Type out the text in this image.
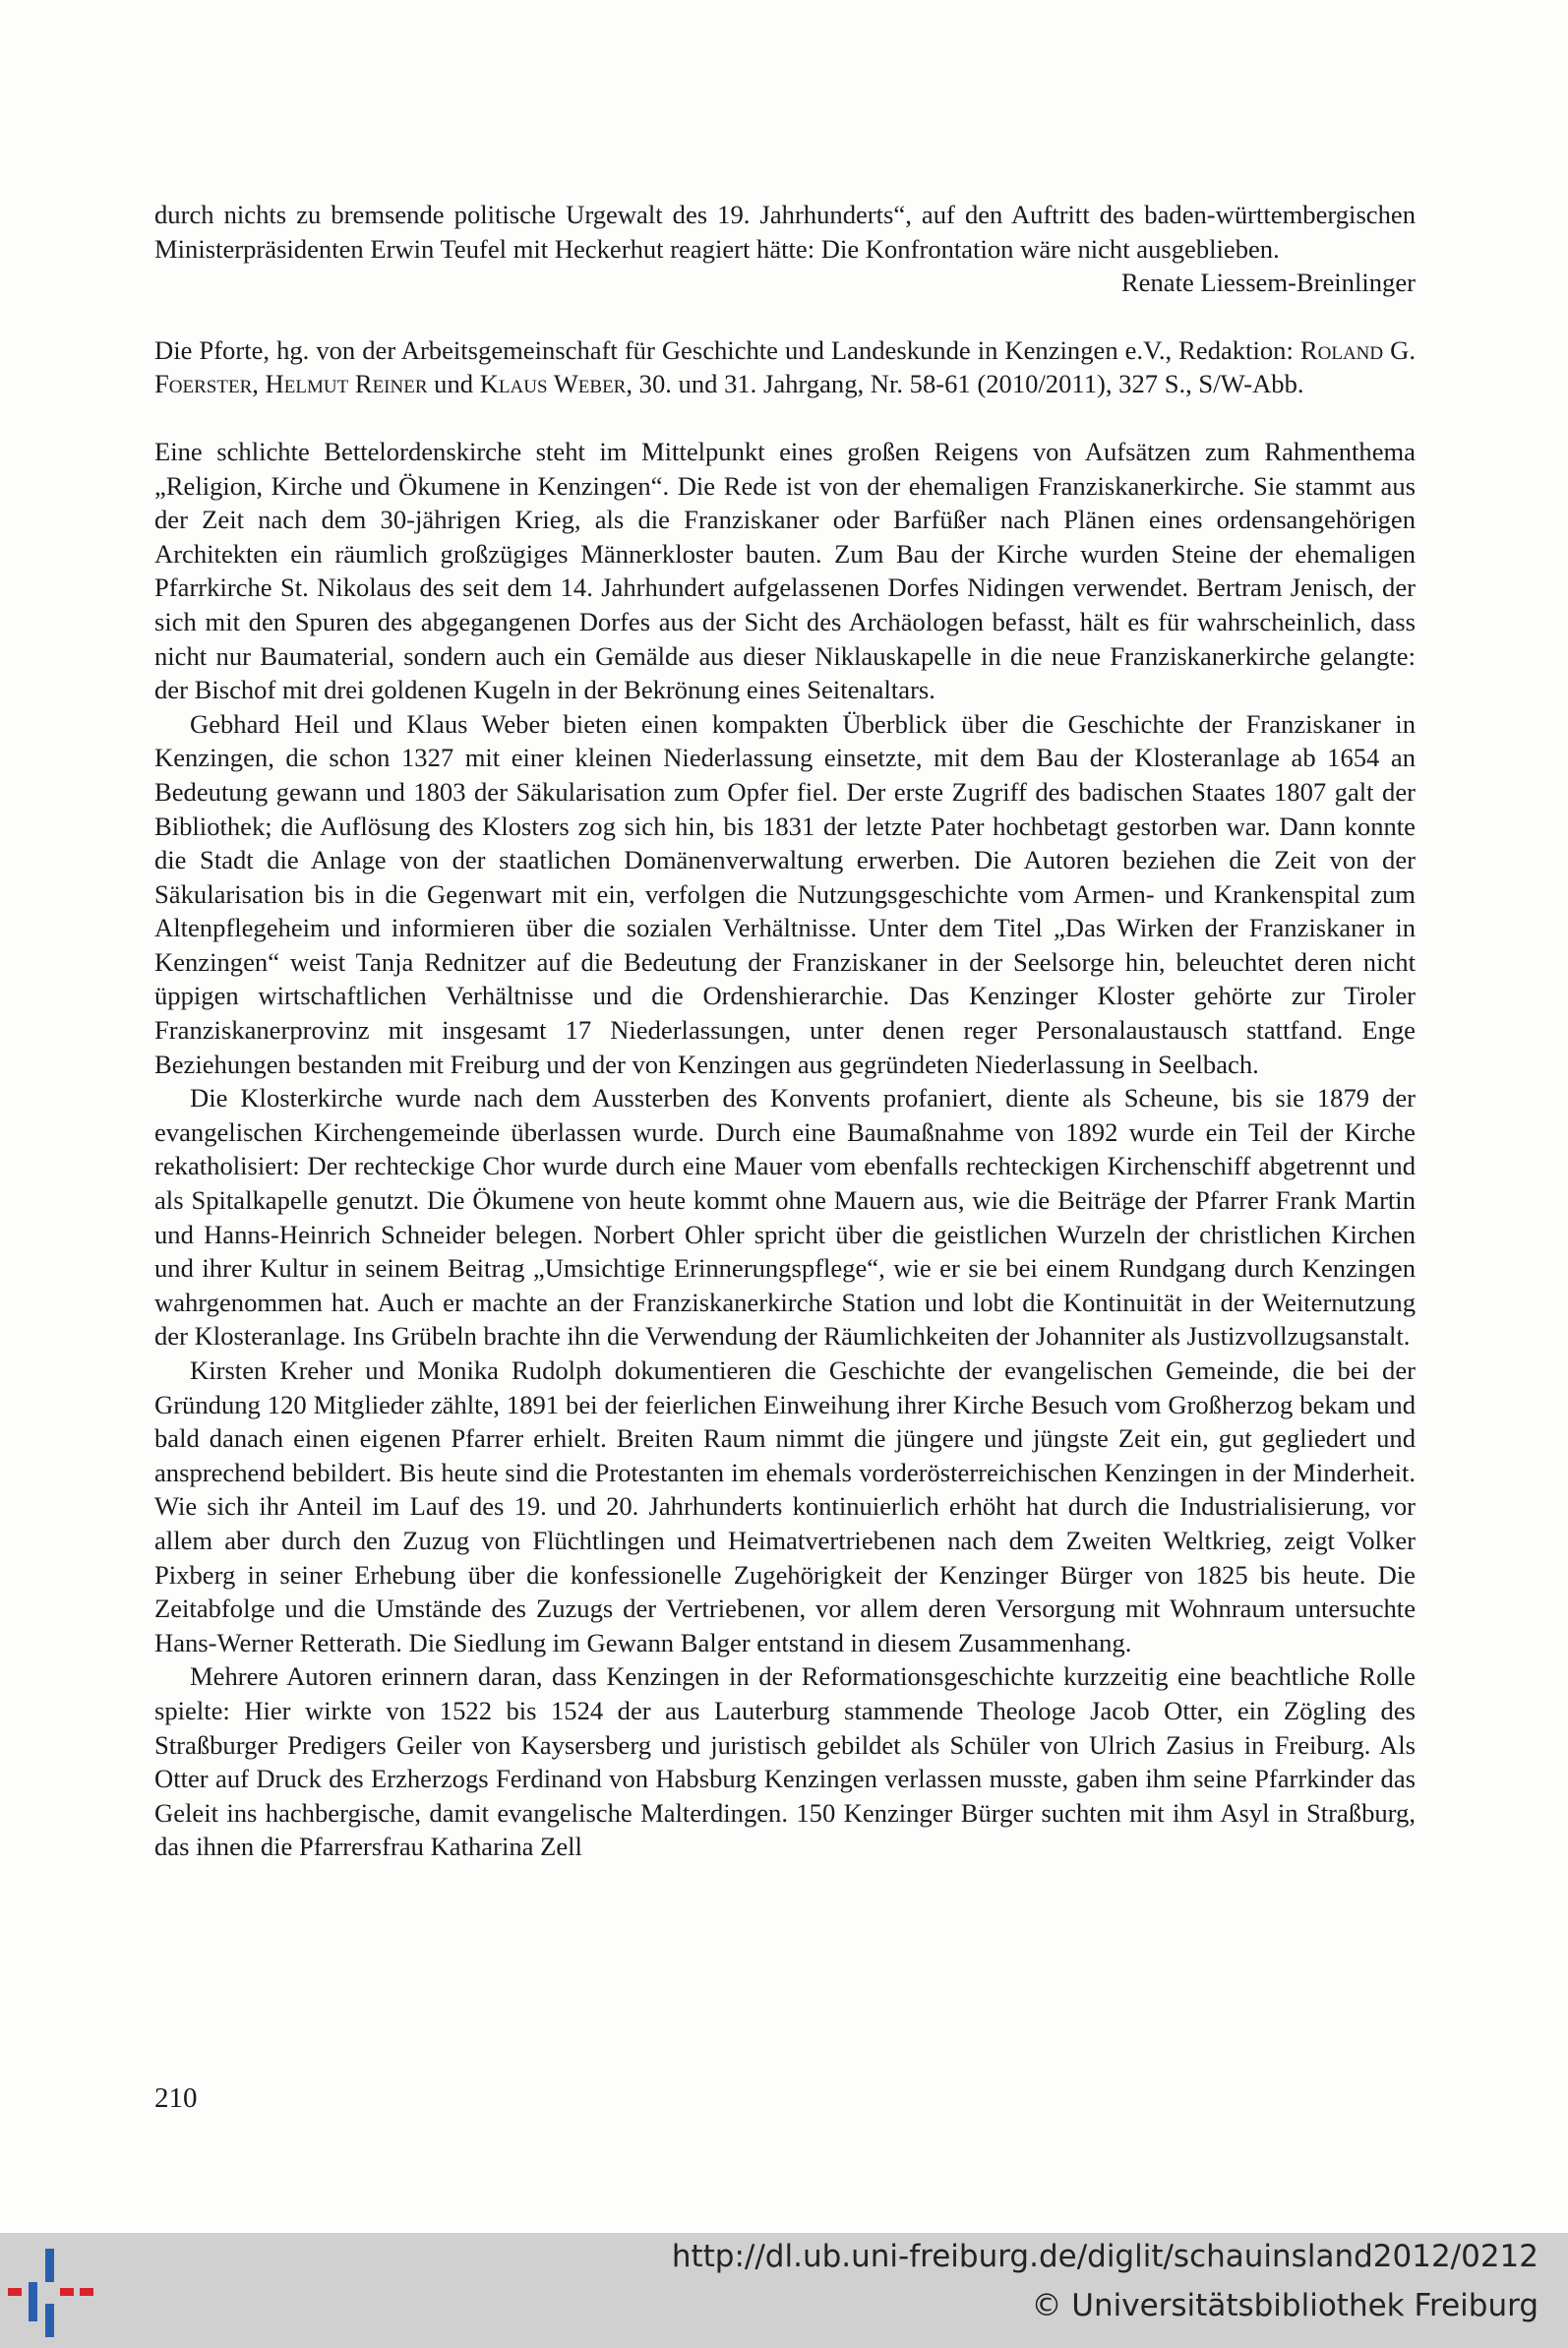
durch nichts zu bremsende politische Urgewalt des 19. Jahrhunderts“, auf den Auftritt des baden-württembergischen Ministerpräsidenten Erwin Teufel mit Heckerhut reagiert hätte: Die Konfrontation wäre nicht ausgeblieben.
Renate Liessem-Breinlinger

Die Pforte, hg. von der Arbeitsgemeinschaft für Geschichte und Landeskunde in Kenzingen e.V., Redaktion: Roland G. Foerster, Helmut Reiner und Klaus Weber, 30. und 31. Jahrgang, Nr. 58-61 (2010/2011), 327 S., S/W-Abb.

Eine schlichte Bettelordenskirche steht im Mittelpunkt eines großen Reigens von Aufsätzen zum Rahmenthema „Religion, Kirche und Ökumene in Kenzingen“. Die Rede ist von der ehemaligen Franziskanerkirche. Sie stammt aus der Zeit nach dem 30-jährigen Krieg, als die Franziskaner oder Barfüßer nach Plänen eines ordensangehörigen Architekten ein räumlich großzügiges Männerkloster bauten. Zum Bau der Kirche wurden Steine der ehemaligen Pfarrkirche St. Nikolaus des seit dem 14. Jahrhundert aufgelassenen Dorfes Nidingen verwendet. Bertram Jenisch, der sich mit den Spuren des abgegangenen Dorfes aus der Sicht des Archäologen befasst, hält es für wahrscheinlich, dass nicht nur Baumaterial, sondern auch ein Gemälde aus dieser Niklauskapelle in die neue Franziskanerkirche gelangte: der Bischof mit drei goldenen Kugeln in der Bekrönung eines Seitenaltars.

Gebhard Heil und Klaus Weber bieten einen kompakten Überblick über die Geschichte der Franziskaner in Kenzingen, die schon 1327 mit einer kleinen Niederlassung einsetzte, mit dem Bau der Klosteranlage ab 1654 an Bedeutung gewann und 1803 der Säkularisation zum Opfer fiel. Der erste Zugriff des badischen Staates 1807 galt der Bibliothek; die Auflösung des Klosters zog sich hin, bis 1831 der letzte Pater hochbetagt gestorben war. Dann konnte die Stadt die Anlage von der staatlichen Domänenverwaltung erwerben. Die Autoren beziehen die Zeit von der Säkularisation bis in die Gegenwart mit ein, verfolgen die Nutzungsgeschichte vom Armen- und Krankenspital zum Altenpflegeheim und informieren über die sozialen Verhältnisse. Unter dem Titel „Das Wirken der Franziskaner in Kenzingen“ weist Tanja Rednitzer auf die Bedeutung der Franziskaner in der Seelsorge hin, beleuchtet deren nicht üppigen wirtschaftlichen Verhältnisse und die Ordenshierarchie. Das Kenzinger Kloster gehörte zur Tiroler Franziskanerprovinz mit insgesamt 17 Niederlassungen, unter denen reger Personalaustausch stattfand. Enge Beziehungen bestanden mit Freiburg und der von Kenzingen aus gegründeten Niederlassung in Seelbach.

Die Klosterkirche wurde nach dem Aussterben des Konvents profaniert, diente als Scheune, bis sie 1879 der evangelischen Kirchengemeinde überlassen wurde. Durch eine Baumaßnahme von 1892 wurde ein Teil der Kirche rekatholisiert: Der rechteckige Chor wurde durch eine Mauer vom ebenfalls rechteckigen Kirchenschiff abgetrennt und als Spitalkapelle genutzt. Die Ökumene von heute kommt ohne Mauern aus, wie die Beiträge der Pfarrer Frank Martin und Hanns-Heinrich Schneider belegen. Norbert Ohler spricht über die geistlichen Wurzeln der christlichen Kirchen und ihrer Kultur in seinem Beitrag „Umsichtige Erinnerungspflege“, wie er sie bei einem Rundgang durch Kenzingen wahrgenommen hat. Auch er machte an der Franziskanerkirche Station und lobt die Kontinuität in der Weiternutzung der Klosteranlage. Ins Grübeln brachte ihn die Verwendung der Räumlichkeiten der Johanniter als Justizvollzugsanstalt.

Kirsten Kreher und Monika Rudolph dokumentieren die Geschichte der evangelischen Gemeinde, die bei der Gründung 120 Mitglieder zählte, 1891 bei der feierlichen Einweihung ihrer Kirche Besuch vom Großherzog bekam und bald danach einen eigenen Pfarrer erhielt. Breiten Raum nimmt die jüngere und jüngste Zeit ein, gut gegliedert und ansprechend bebildert. Bis heute sind die Protestanten im ehemals vorderösterreichischen Kenzingen in der Minderheit. Wie sich ihr Anteil im Lauf des 19. und 20. Jahrhunderts kontinuierlich erhöht hat durch die Industrialisierung, vor allem aber durch den Zuzug von Flüchtlingen und Heimatvertriebenen nach dem Zweiten Weltkrieg, zeigt Volker Pixberg in seiner Erhebung über die konfessionelle Zugehörigkeit der Kenzinger Bürger von 1825 bis heute. Die Zeitabfolge und die Umstände des Zuzugs der Vertriebenen, vor allem deren Versorgung mit Wohnraum untersuchte Hans-Werner Retterath. Die Siedlung im Gewann Balger entstand in diesem Zusammenhang.

Mehrere Autoren erinnern daran, dass Kenzingen in der Reformationsgeschichte kurzzeitig eine beachtliche Rolle spielte: Hier wirkte von 1522 bis 1524 der aus Lauterburg stammende Theologe Jacob Otter, ein Zögling des Straßburger Predigers Geiler von Kaysersberg und juristisch gebildet als Schüler von Ulrich Zasius in Freiburg. Als Otter auf Druck des Erzherzogs Ferdinand von Habsburg Kenzingen verlassen musste, gaben ihm seine Pfarrkinder das Geleit ins hachbergische, damit evangelische Malterdingen. 150 Kenzinger Bürger suchten mit ihm Asyl in Straßburg, das ihnen die Pfarrersfrau Katharina Zell

210
http://dl.ub.uni-freiburg.de/diglit/schauinsland2012/0212
© Universitätsbibliothek Freiburg
